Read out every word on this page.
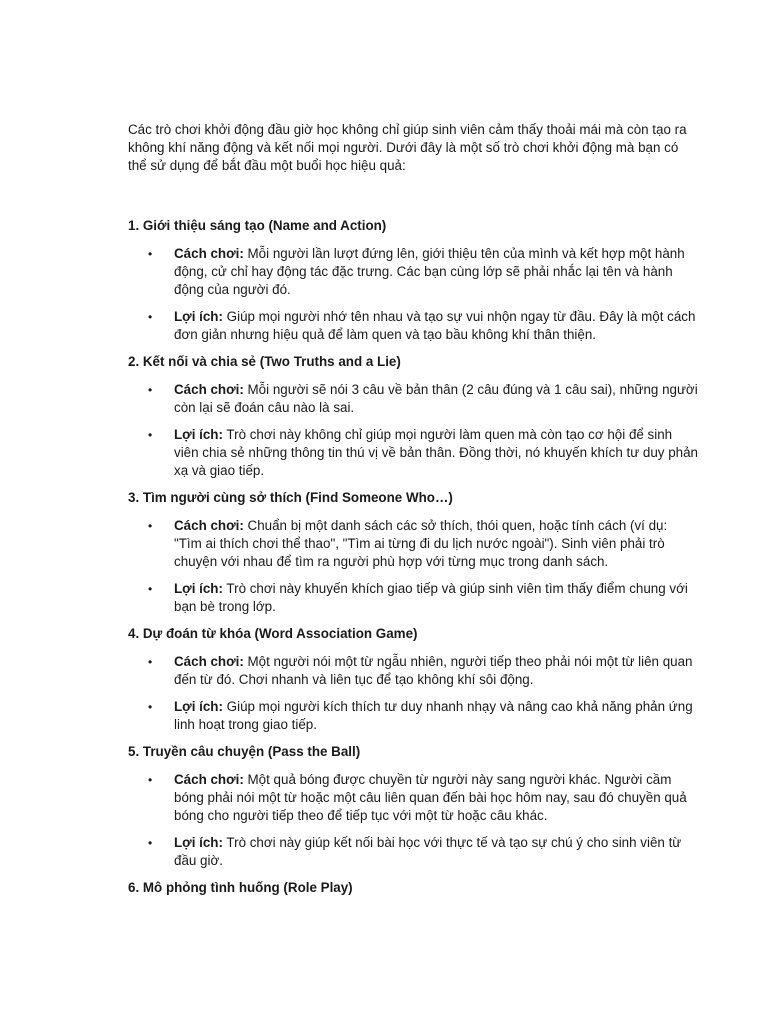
Các trò chơi khởi động đầu giờ học không chỉ giúp sinh viên cảm thấy thoải mái mà còn tạo ra không khí năng động và kết nối mọi người. Dưới đây là một số trò chơi khởi động mà bạn có thể sử dụng để bắt đầu một buổi học hiệu quả:

1. Giới thiệu sáng tạo (Name and Action)
• Cách chơi: Mỗi người lần lượt đứng lên, giới thiệu tên của mình và kết hợp một hành động, cử chỉ hay động tác đặc trưng. Các bạn cùng lớp sẽ phải nhắc lại tên và hành động của người đó.
• Lợi ích: Giúp mọi người nhớ tên nhau và tạo sự vui nhộn ngay từ đầu. Đây là một cách đơn giản nhưng hiệu quả để làm quen và tạo bầu không khí thân thiện.
2. Kết nối và chia sẻ (Two Truths and a Lie)
• Cách chơi: Mỗi người sẽ nói 3 câu về bản thân (2 câu đúng và 1 câu sai), những người còn lại sẽ đoán câu nào là sai.
• Lợi ích: Trò chơi này không chỉ giúp mọi người làm quen mà còn tạo cơ hội để sinh viên chia sẻ những thông tin thú vị về bản thân. Đồng thời, nó khuyến khích tư duy phản xạ và giao tiếp.
3. Tìm người cùng sở thích (Find Someone Who…)
• Cách chơi: Chuẩn bị một danh sách các sở thích, thói quen, hoặc tính cách (ví dụ: "Tìm ai thích chơi thể thao", "Tìm ai từng đi du lịch nước ngoài"). Sinh viên phải trò chuyện với nhau để tìm ra người phù hợp với từng mục trong danh sách.
• Lợi ích: Trò chơi này khuyến khích giao tiếp và giúp sinh viên tìm thấy điểm chung với bạn bè trong lớp.
4. Dự đoán từ khóa (Word Association Game)
• Cách chơi: Một người nói một từ ngẫu nhiên, người tiếp theo phải nói một từ liên quan đến từ đó. Chơi nhanh và liên tục để tạo không khí sôi động.
• Lợi ích: Giúp mọi người kích thích tư duy nhanh nhạy và nâng cao khả năng phản ứng linh hoạt trong giao tiếp.
5. Truyền câu chuyện (Pass the Ball)
• Cách chơi: Một quả bóng được chuyền từ người này sang người khác. Người cầm bóng phải nói một từ hoặc một câu liên quan đến bài học hôm nay, sau đó chuyền quả bóng cho người tiếp theo để tiếp tục với một từ hoặc câu khác.
• Lợi ích: Trò chơi này giúp kết nối bài học với thực tế và tạo sự chú ý cho sinh viên từ đầu giờ.
6. Mô phỏng tình huống (Role Play)
